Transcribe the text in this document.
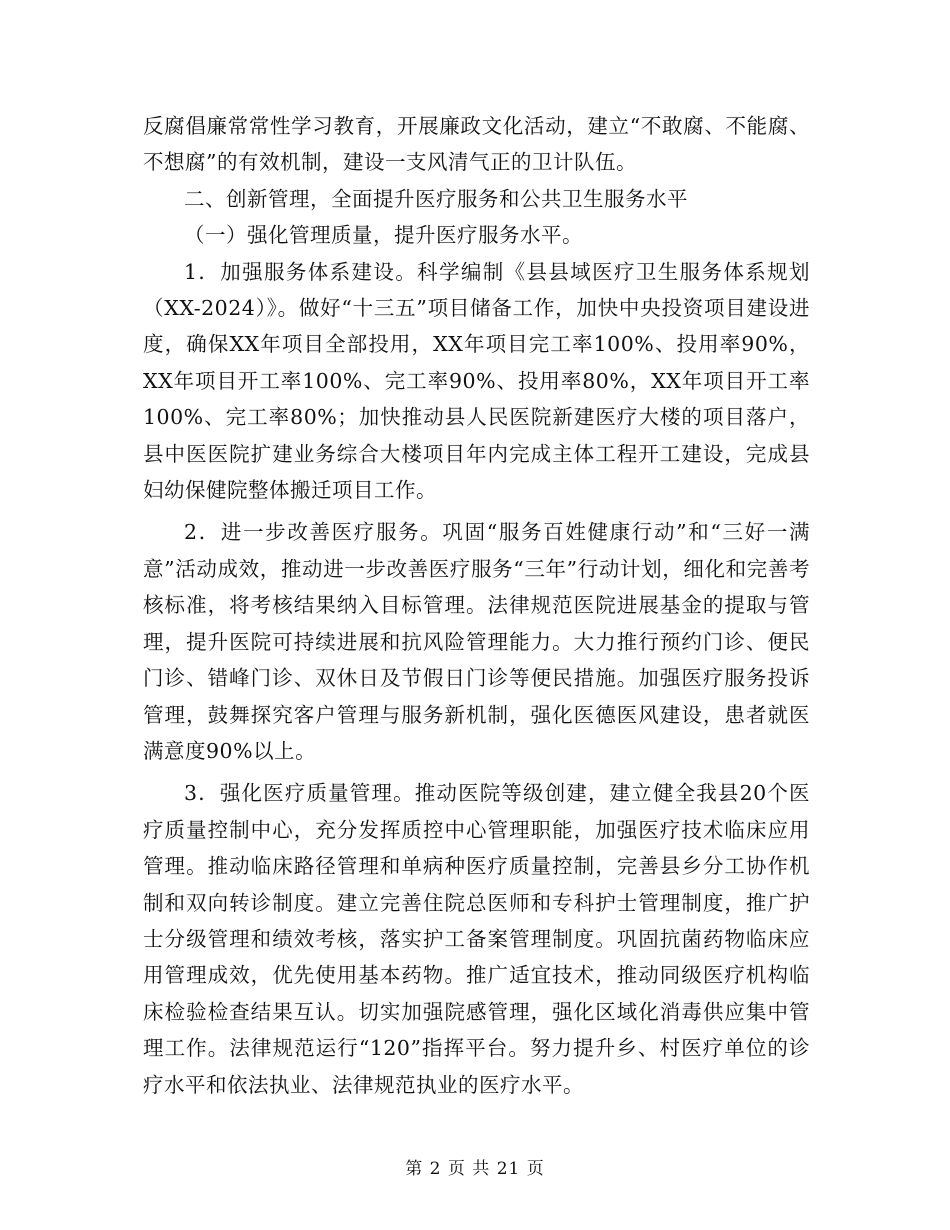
反腐倡廉常常性学习教育，开展廉政文化活动，建立“不敢腐、不能腐、不想腐”的有效机制，建设一支风清气正的卫计队伍。

二、创新管理，全面提升医疗服务和公共卫生服务水平

（一）强化管理质量，提升医疗服务水平。

1．加强服务体系建设。科学编制《县县域医疗卫生服务体系规划（XX-2024）》。做好“十三五”项目储备工作，加快中央投资项目建设进度，确保XX年项目全部投用，XX年项目完工率100%、投用率90%，XX年项目开工率100%、完工率90%、投用率80%，XX年项目开工率100%、完工率80%；加快推动县人民医院新建医疗大楼的项目落户，县中医医院扩建业务综合大楼项目年内完成主体工程开工建设，完成县妇幼保健院整体搬迁项目工作。

2．进一步改善医疗服务。巩固“服务百姓健康行动”和“三好一满意”活动成效，推动进一步改善医疗服务“三年”行动计划，细化和完善考核标准，将考核结果纳入目标管理。法律规范医院进展基金的提取与管理，提升医院可持续进展和抗风险管理能力。大力推行预约门诊、便民门诊、错峰门诊、双休日及节假日门诊等便民措施。加强医疗服务投诉管理，鼓舞探究客户管理与服务新机制，强化医德医风建设，患者就医满意度90%以上。

3．强化医疗质量管理。推动医院等级创建，建立健全我县20个医疗质量控制中心，充分发挥质控中心管理职能，加强医疗技术临床应用管理。推动临床路径管理和单病种医疗质量控制，完善县乡分工协作机制和双向转诊制度。建立完善住院总医师和专科护士管理制度，推广护士分级管理和绩效考核，落实护工备案管理制度。巩固抗菌药物临床应用管理成效，优先使用基本药物。推广适宜技术，推动同级医疗机构临床检验检查结果互认。切实加强院感管理，强化区域化消毒供应集中管理工作。法律规范运行“120”指挥平台。努力提升乡、村医疗单位的诊疗水平和依法执业、法律规范执业的医疗水平。

第 2 页 共 21 页
